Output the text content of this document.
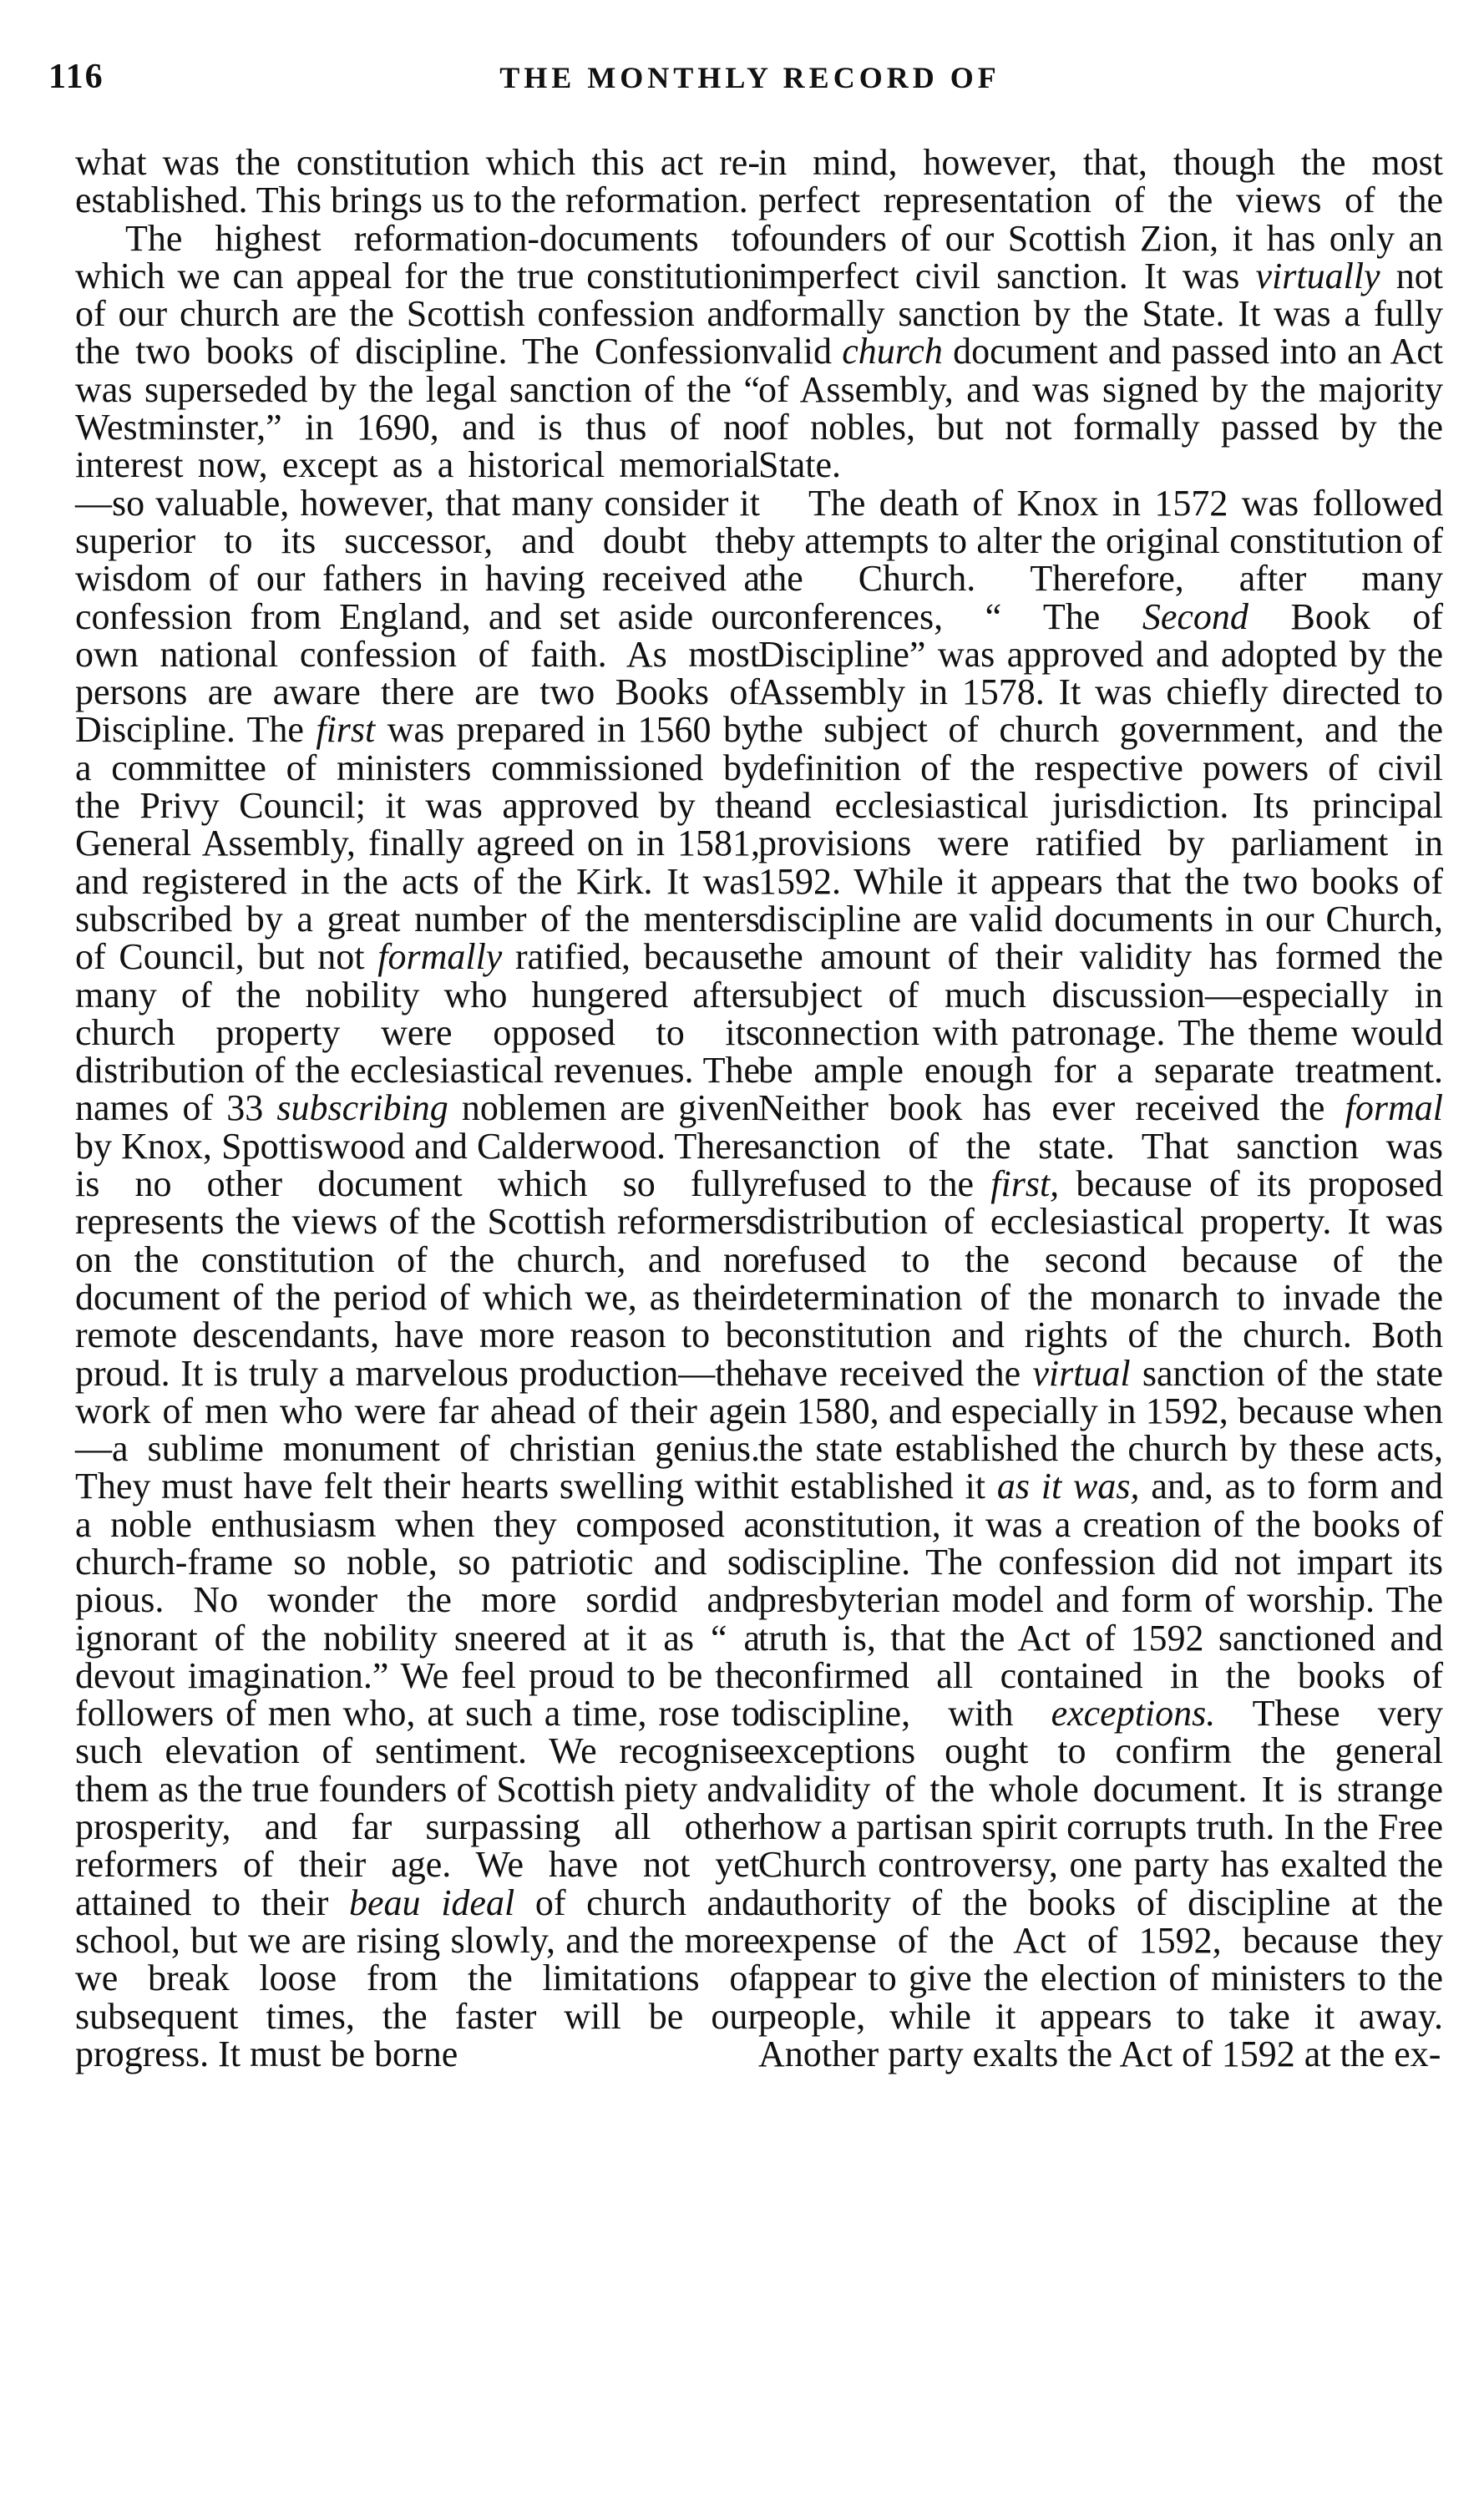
116	THE MONTHLY RECORD OF

what was the constitution which this act re-established. This brings us to the reformation.

The highest reformation-documents to which we can appeal for the true constitution of our church are the Scottish confession and the two books of discipline. The Confession was superseded by the legal sanction of the “ Westminster,” in 1690, and is thus of no interest now, except as a historical memorial—so valuable, however, that many consider it superior to its successor, and doubt the wisdom of our fathers in having received a confession from England, and set aside our own national confession of faith. As most persons are aware there are two Books of Discipline. The first was prepared in 1560 by a committee of ministers commissioned by the Privy Council; it was approved by the General Assembly, finally agreed on in 1581, and registered in the acts of the Kirk. It was subscribed by a great number of the menters of Council, but not formally ratified, because many of the nobility who hungered after church property were opposed to its distribution of the ecclesiastical revenues. The names of 33 subscribing noblemen are given by Knox, Spottiswood and Calderwood. There is no other document which so fully represents the views of the Scottish reformers on the constitution of the church, and no document of the period of which we, as their remote descendants, have more reason to be proud. It is truly a marvelous production—the work of men who were far ahead of their age—a sublime monument of christian genius. They must have felt their hearts swelling with a noble enthusiasm when they composed a church-frame so noble, so patriotic and so pious. No wonder the more sordid and ignorant of the nobility sneered at it as “ a devout imagination.” We feel proud to be the followers of men who, at such a time, rose to such elevation of sentiment. We recognise them as the true founders of Scottish piety and prosperity, and far surpassing all other reformers of their age. We have not yet attained to their beau ideal of church and school, but we are rising slowly, and the more we break loose from the limitations of subsequent times, the faster will be our progress. It must be borne

in mind, however, that, though the most perfect representation of the views of the founders of our Scottish Zion, it has only an imperfect civil sanction. It was virtually not formally sanction by the State. It was a fully valid church document and passed into an Act of Assembly, and was signed by the majority of nobles, but not formally passed by the State.

The death of Knox in 1572 was followed by attempts to alter the original constitution of the Church. Therefore, after many conferences, “ The Second Book of Discipline” was approved and adopted by the Assembly in 1578. It was chiefly directed to the subject of church government, and the definition of the respective powers of civil and ecclesiastical jurisdiction. Its principal provisions were ratified by parliament in 1592. While it appears that the two books of discipline are valid documents in our Church, the amount of their validity has formed the subject of much discussion—especially in connection with patronage. The theme would be ample enough for a separate treatment. Neither book has ever received the formal sanction of the state. That sanction was refused to the first, because of its proposed distribution of ecclesiastical property. It was refused to the second because of the determination of the monarch to invade the constitution and rights of the church. Both have received the virtual sanction of the state in 1580, and especially in 1592, because when the state established the church by these acts, it established it as it was, and, as to form and constitution, it was a creation of the books of discipline. The confession did not impart its presbyterian model and form of worship. The truth is, that the Act of 1592 sanctioned and confirmed all contained in the books of discipline, with exceptions. These very exceptions ought to confirm the general validity of the whole document. It is strange how a partisan spirit corrupts truth. In the Free Church controversy, one party has exalted the authority of the books of discipline at the expense of the Act of 1592, because they appear to give the election of ministers to the people, while it appears to take it away. Another party exalts the Act of 1592 at the ex-
